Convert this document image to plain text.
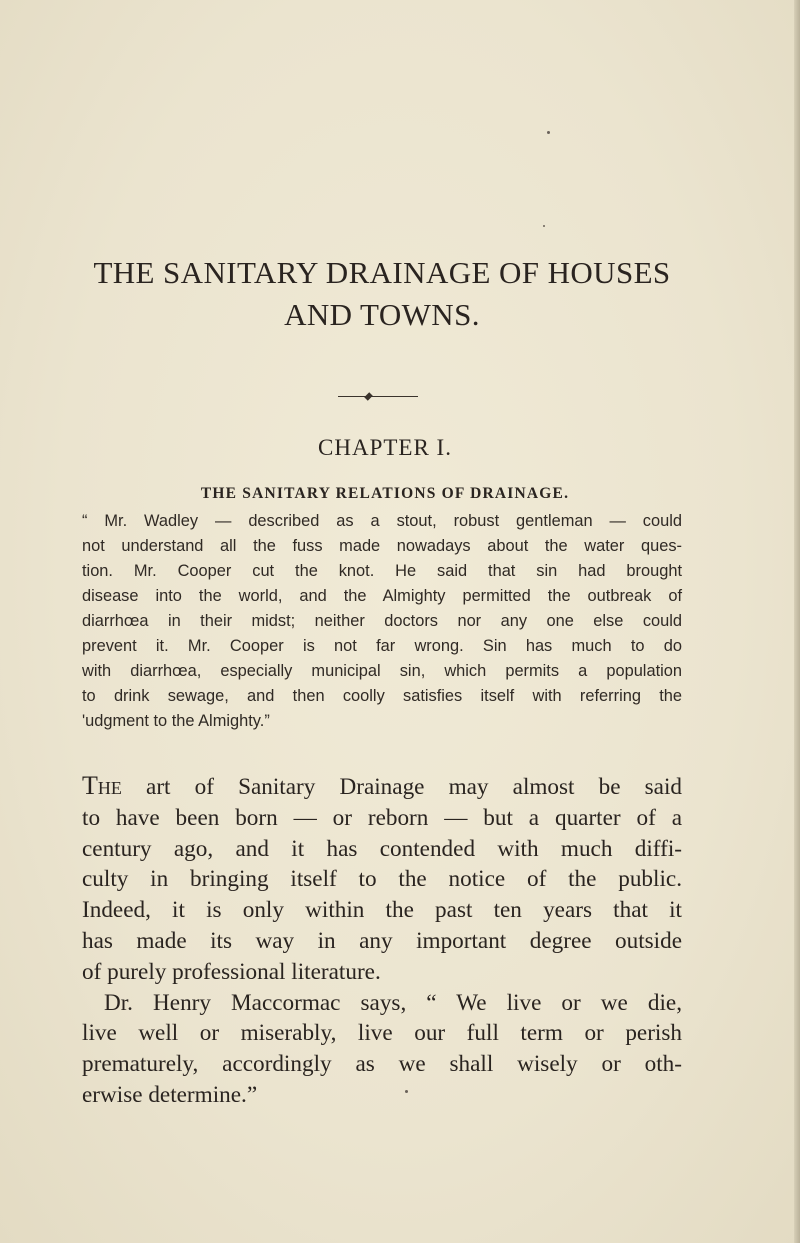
THE SANITARY DRAINAGE OF HOUSES
AND TOWNS.
CHAPTER I.
THE SANITARY RELATIONS OF DRAINAGE.

“ Mr. Wadley — described as a stout, robust gentleman — could
not understand all the fuss made nowadays about the water ques-
tion. Mr. Cooper cut the knot. He said that sin had brought
disease into the world, and the Almighty permitted the outbreak of
diarrhœa in their midst; neither doctors nor any one else could
prevent it. Mr. Cooper is not far wrong. Sin has much to do
with diarrhœa, especially municipal sin, which permits a population
to drink sewage, and then coolly satisfies itself with referring the
'udgment to the Almighty.”

The art of Sanitary Drainage may almost be said
to have been born — or reborn — but a quarter of a
century ago, and it has contended with much diffi-
culty in bringing itself to the notice of the public.
Indeed, it is only within the past ten years that it
has made its way in any important degree outside
of purely professional literature.
Dr. Henry Maccormac says, “ We live or we die,
live well or miserably, live our full term or perish
prematurely, accordingly as we shall wisely or oth-
erwise determine.”
